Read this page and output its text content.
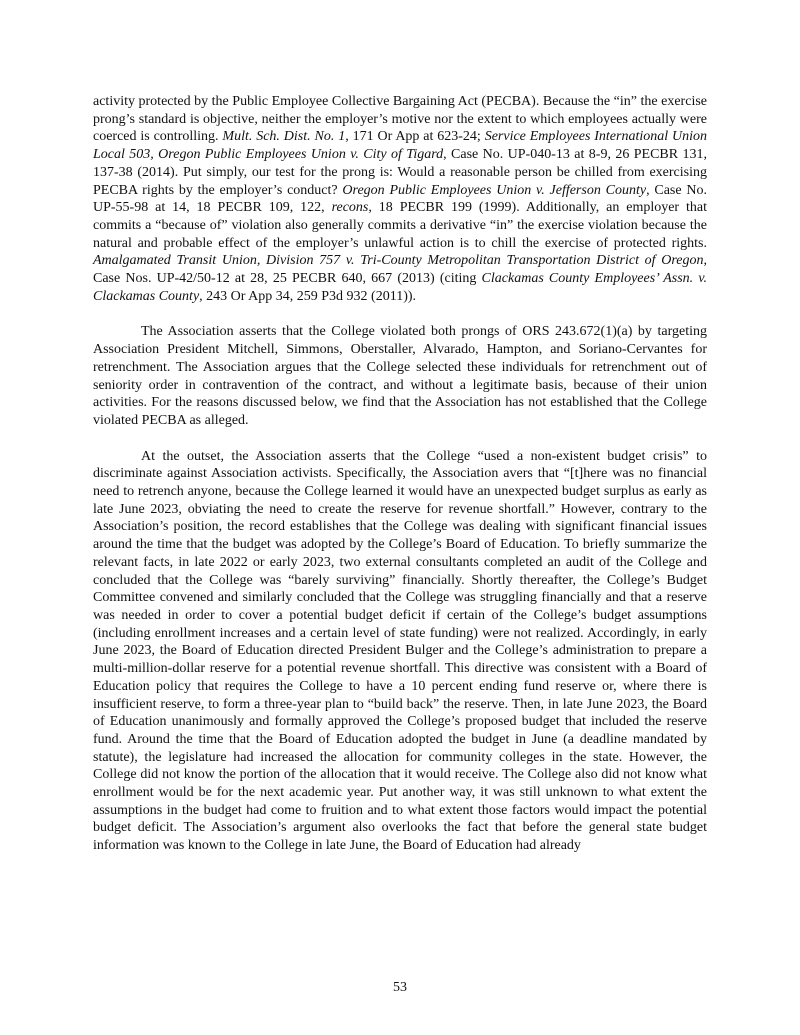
activity protected by the Public Employee Collective Bargaining Act (PECBA). Because the “in” the exercise prong’s standard is objective, neither the employer’s motive nor the extent to which employees actually were coerced is controlling. Mult. Sch. Dist. No. 1, 171 Or App at 623-24; Service Employees International Union Local 503, Oregon Public Employees Union v. City of Tigard, Case No. UP-040-13 at 8-9, 26 PECBR 131, 137-38 (2014). Put simply, our test for the prong is: Would a reasonable person be chilled from exercising PECBA rights by the employer’s conduct? Oregon Public Employees Union v. Jefferson County, Case No. UP-55-98 at 14, 18 PECBR 109, 122, recons, 18 PECBR 199 (1999). Additionally, an employer that commits a “because of” violation also generally commits a derivative “in” the exercise violation because the natural and probable effect of the employer’s unlawful action is to chill the exercise of protected rights. Amalgamated Transit Union, Division 757 v. Tri-County Metropolitan Transportation District of Oregon, Case Nos. UP-42/50-12 at 28, 25 PECBR 640, 667 (2013) (citing Clackamas County Employees’ Assn. v. Clackamas County, 243 Or App 34, 259 P3d 932 (2011)).

The Association asserts that the College violated both prongs of ORS 243.672(1)(a) by targeting Association President Mitchell, Simmons, Oberstaller, Alvarado, Hampton, and Soriano-Cervantes for retrenchment. The Association argues that the College selected these individuals for retrenchment out of seniority order in contravention of the contract, and without a legitimate basis, because of their union activities. For the reasons discussed below, we find that the Association has not established that the College violated PECBA as alleged.

At the outset, the Association asserts that the College “used a non-existent budget crisis” to discriminate against Association activists. Specifically, the Association avers that “[t]here was no financial need to retrench anyone, because the College learned it would have an unexpected budget surplus as early as late June 2023, obviating the need to create the reserve for revenue shortfall.” However, contrary to the Association’s position, the record establishes that the College was dealing with significant financial issues around the time that the budget was adopted by the College’s Board of Education. To briefly summarize the relevant facts, in late 2022 or early 2023, two external consultants completed an audit of the College and concluded that the College was “barely surviving” financially. Shortly thereafter, the College’s Budget Committee convened and similarly concluded that the College was struggling financially and that a reserve was needed in order to cover a potential budget deficit if certain of the College’s budget assumptions (including enrollment increases and a certain level of state funding) were not realized. Accordingly, in early June 2023, the Board of Education directed President Bulger and the College’s administration to prepare a multi-million-dollar reserve for a potential revenue shortfall. This directive was consistent with a Board of Education policy that requires the College to have a 10 percent ending fund reserve or, where there is insufficient reserve, to form a three-year plan to “build back” the reserve. Then, in late June 2023, the Board of Education unanimously and formally approved the College’s proposed budget that included the reserve fund. Around the time that the Board of Education adopted the budget in June (a deadline mandated by statute), the legislature had increased the allocation for community colleges in the state. However, the College did not know the portion of the allocation that it would receive. The College also did not know what enrollment would be for the next academic year. Put another way, it was still unknown to what extent the assumptions in the budget had come to fruition and to what extent those factors would impact the potential budget deficit. The Association’s argument also overlooks the fact that before the general state budget information was known to the College in late June, the Board of Education had already

53
